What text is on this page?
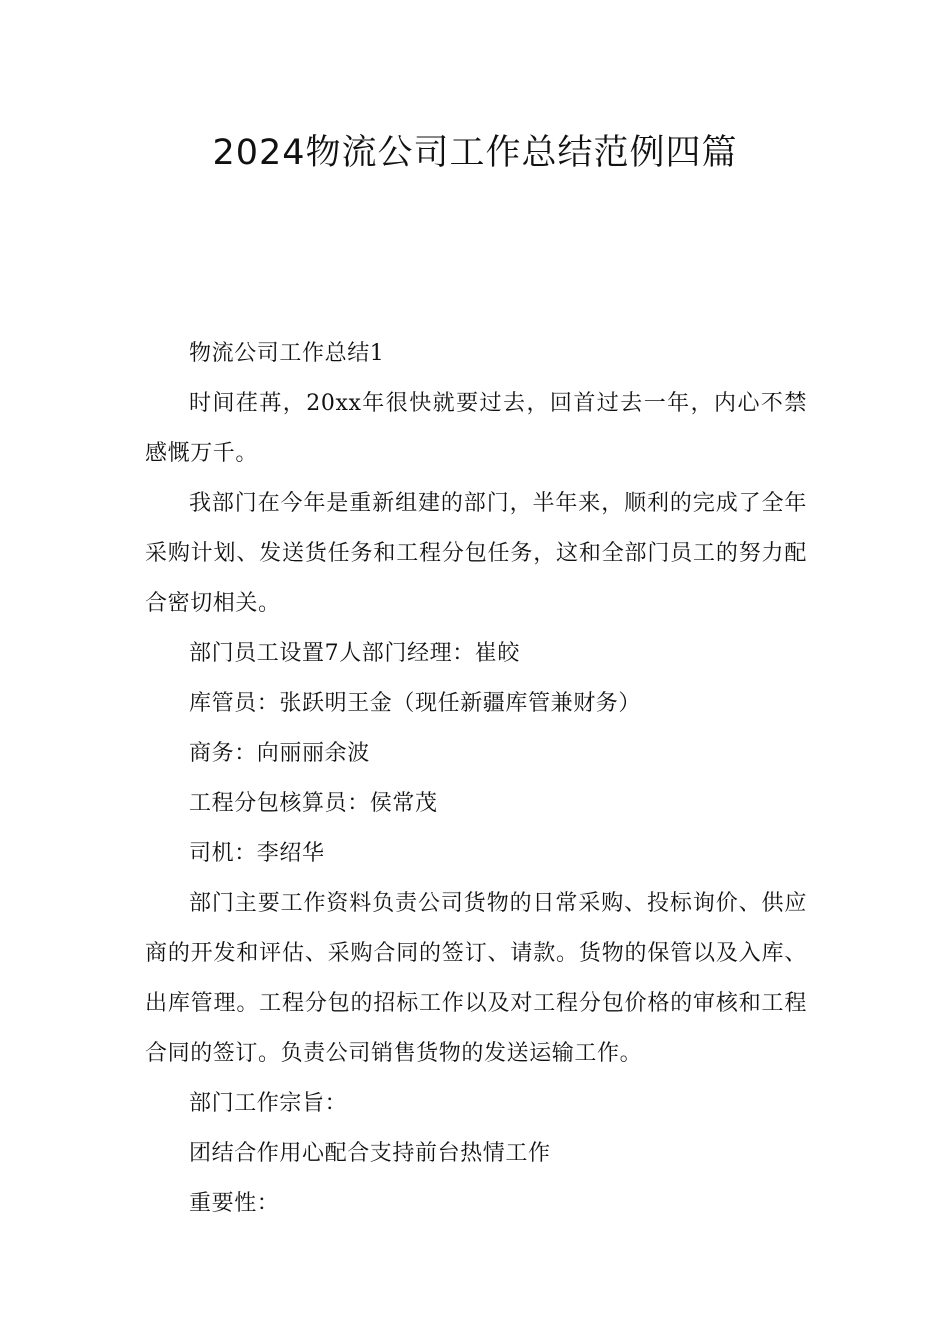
2024物流公司工作总结范例四篇

物流公司工作总结1

时间荏苒，20xx年很快就要过去，回首过去一年，内心不禁感慨万千。

我部门在今年是重新组建的部门，半年来，顺利的完成了全年采购计划、发送货任务和工程分包任务，这和全部门员工的努力配合密切相关。

部门员工设置7人部门经理：崔皎

库管员：张跃明王金（现任新疆库管兼财务）

商务：向丽丽余波

工程分包核算员：侯常茂

司机：李绍华

部门主要工作资料负责公司货物的日常采购、投标询价、供应商的开发和评估、采购合同的签订、请款。货物的保管以及入库、出库管理。工程分包的招标工作以及对工程分包价格的审核和工程合同的签订。负责公司销售货物的发送运输工作。

部门工作宗旨：

团结合作用心配合支持前台热情工作

重要性：
